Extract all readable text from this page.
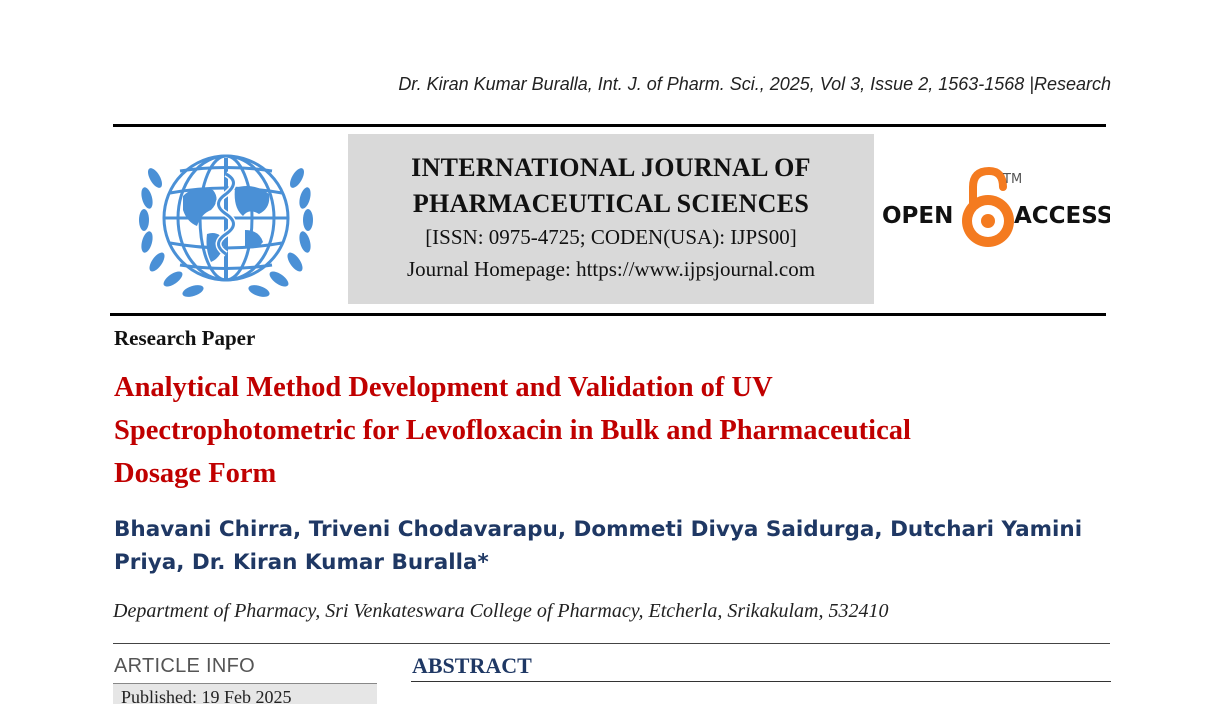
Dr. Kiran Kumar Buralla, Int. J. of Pharm. Sci., 2025, Vol 3, Issue 2, 1563-1568 |Research
INTERNATIONAL JOURNAL OF
PHARMACEUTICAL SCIENCES
[ISSN: 0975-4725; CODEN(USA): IJPS00]
Journal Homepage: https://www.ijpsjournal.com
OPEN
TM
ACCESS
Research Paper
Analytical Method Development and Validation of UV
Spectrophotometric for Levofloxacin in Bulk and Pharmaceutical
Dosage Form
Bhavani Chirra, Triveni Chodavarapu, Dommeti Divya Saidurga, Dutchari Yamini
Priya, Dr. Kiran Kumar Buralla*
Department of Pharmacy, Sri Venkateswara College of Pharmacy, Etcherla, Srikakulam, 532410
ARTICLE INFO	ABSTRACT
Published: 19 Feb 2025
